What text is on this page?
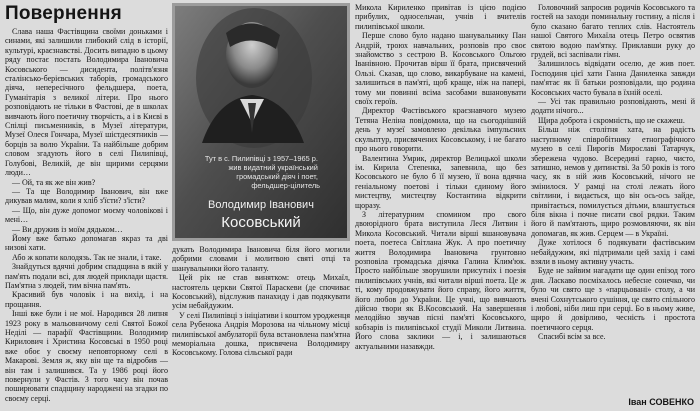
Повернення

Слава наша Фастівщина своїми доньками і синами, які залишили глибокий слід в історії, культурі, краєзнавстві. Досить випадно в цьому ряду постає постать Володимира Івановича Косовського — дисидента, політв'язня сталінсько-берієвських таборів, громадського діяча, непересічного фельдшера, поета, Гуманітарія з великої літери. Про нього розповідають не тільки в Фастові, де в школах вивчають його поетичну творчість, а і в Києві в Спілці письменників, в Музеї літератури, Музеї Олеся Гончара, Музеї шістдесятників — борців за волю України. Та найбільше добрим словом згадують його в селі Пилипівці, Голубові, Великій, де він щирими серцями люди…

— Ой, та як же він жив?

— Та ще Володимир Іванович, він вже дикував малим, коли я хліб з'їсти? з'їсти?

— Що, він дуже допомог моєму чоловікові і мені…

— Ви дружив із моїм дядьком…

Йому вже батько допомагав якраз та дві низові хати.

Або ж копати колодязь. Так не знали, і таке.

Знайдуться вдячні добрим спадщина в якій у пам'ять подали всі, для людей приклади щастя. Пам'ятна з людей, тим вічна пам'ять.

Красивий був чоловік і на вихід, і на прощання.

Інші вже були і не мої. Народився 28 липня 1923 року в мальовничому селі Святої Божої Неділі — парафії Фастівщини. Володимир Кирилович і Христина Косовські в 1950 році вже обоє у своєму неповторному селі в Макарові. Земля ж, яку він ще та відробив — він там і залишився. Та у 1986 році його повернули у Фастів. 3 того часу він почав поширювати спадщину народжені на згадки по своєму серці.

Тут в с. Пилипівці з 1957–1965 р. жив видатний український громадський діяч і поет, фельдшер-цілитель
Володимир Іванович
Косовський

дукать Володимира Івановича біля його могили добрими словами і молитвою святі отці та шанувальники його таланту.

Цей рік не став винятком: отець Михаїл, настоятель церкви Святої Параскеви (де спочиває Косовський), відслужив панахиду і дав подякувати усім небайдужим.

У селі Пилипівці з ініціативи і коштом уродженця села Рубенока Андрія Морозова на чільному місці пилипівської амбулаторії була встановлена пам'ятна меморіальна дошка, присвячена Володимиру Косовському. Голова сільської ради

Микола Кириленко привітав із цією подією прибулих, односельчан, учнів і вчителів пилипівської школи.

Перше слово було надано шанувальнику Пан Андрій, троюх навчальних, розповів про своє знайомство з сестрою В. Косовського Ольгою Іванівною. Прочитав вірш її брата, присвячений Ользі. Сказав, що слово, викарбуване на камені, залишиться в пам'яті, щоб краще, ніж на папері, тому ми повинні всіма засобами вшановувати своїх героїв.

Директор Фастівського краєзнавчого музею Тетяна Неліна повідомила, що на сьогоднішній день у музеї замовлено декілька імпульсних скульптур, присвячених Косовському, і не багато про нього говорити.

Валентина Умрик, директор Велицької школи ім. Кирила Степенка, запевнила, що без Косовського не було б її музею, її вона вдячна геніальному поетові і тільки єдиному його мистецтву, мистецтву Костантина відкрити щоразу.

З літературним спомином про свого двоюрідного брата виступила Леся Литвин і Микола Косовський. Читали вірші вшановувача поета, поетеса Світлана Жук. А про поетичну життя Володимира Івановича грунтовно розповіла громадська діячка Галина Клим'юк. Просто найбільше зворушили присутніх і поезія пилипівських учнів, які читали вірші поета. Це ж ті, кому продовжувати його справу, його життя, його любов до України. Це учні, що вивчають дійсно твори як В.Косовський. На завершення мелодійно звучав пісні пам'яті Косовського, кобзарів із пилипівської студії Миколи Литвина. Його слова заклики — і, і залишаються актуальними назавжди.

Головочний запросив родичів Косовського та гостей на заходи поминальну гостину, а після і було сказано багато теплих слів. Настоятель нашої Святого Михаїла отець Петро освятив святою водою пам'ятку. Приклавши руку до грудей, всі заспівали гімн.

Залишилось відвідати оселю, де жив поет. Господиня цієї хати Ганна Даниленка завжди пам'ятає як її батьки розповідали, що родина Косовських часто бувала в їхній оселі.

— Усі так правильно розповідають, мені й додати нічого...

Щира доброта і скромність, що не скажеш.

Більш ніж столітня хата, на радість наступному співробітнику етнографічного музею в селі Пирогів Мирославі Татарчук, збережена чудово. Всередині гарно, чисто, затишно, немов у дитинстві. За 50 років із того часу, як в ній жив Косовський, нічого не змінилося. У рамці на столі лежать його світлини, і видається, що він ось-ось зайде, привітається, помилується дітьми, влаштується біля вікна і почне писати свої рядки. Таким його й пам'ятають, щиро розмовляючи, як він допомагав, як жив. Серцем — в Україні.

Дуже хотілося б подякувати фастівським небайдужим, які підтримали цей захід і самі взяли в ньому активну участь.

Буде не зайвим нагадати ще один епізод того дня. Ласкаво посміхалось небесне сонечко, чи було чи свято ще з «парцьовані» столу, а чи вчені Сохнутського сушіння, це свято спільного і любові, ніби лиш при серці. Бо в ньому живе, щиро й довірливо, чесність і простота поетичного серця.

Спасибі всім за все.

Іван СОВЕНКО
